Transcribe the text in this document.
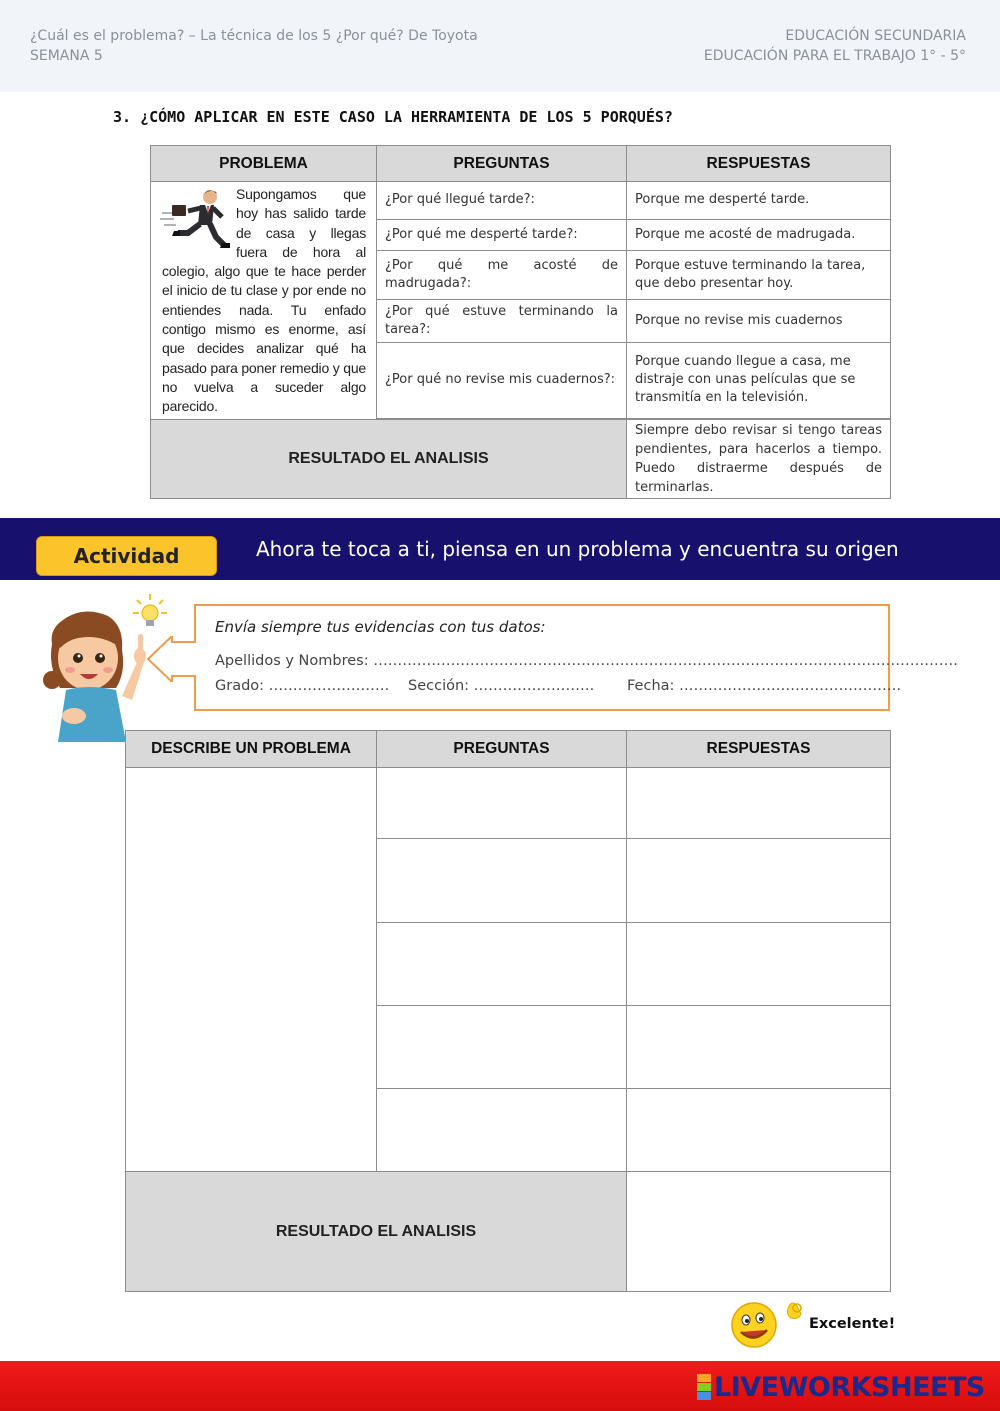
¿Cuál es el problema? – La técnica de los 5 ¿Por qué? De Toyota
SEMANA 5
EDUCACIÓN SECUNDARIA
EDUCACIÓN PARA EL TRABAJO 1° - 5°
3. ¿CÓMO APLICAR EN ESTE CASO LA HERRAMIENTA DE LOS 5 PORQUÉS?
PROBLEMA	PREGUNTAS	RESPUESTAS

Supongamos que hoy has salido tarde de casa y llegas fuera de hora al colegio, algo que te hace perder el inicio de tu clase y por ende no entiendes nada. Tu enfado contigo mismo es enorme, así que decides analizar qué ha pasado para poner remedio y que no vuelva a suceder algo parecido.	¿Por qué llegué tarde?:	Porque me desperté tarde.
	¿Por qué me desperté tarde?:	Porque me acosté de madrugada.
	¿Por qué me acosté de madrugada?:	Porque estuve terminando la tarea, que debo presentar hoy.
	¿Por qué estuve terminando la tarea?:	Porque no revise mis cuadernos
	¿Por qué no revise mis cuadernos?:	Porque cuando llegue a casa, me distraje con unas películas que se transmitía en la televisión.

RESULTADO EL ANALISIS		Siempre debo revisar si tengo tareas pendientes, para hacerlos a tiempo. Puedo distraerme después de terminarlas.
Actividad	Ahora te toca a ti, piensa en un problema y encuentra su origen
Envía siempre tus evidencias con tus datos:
Apellidos y Nombres: ………………………………………………………………………………………………………….
Grado: ……………………. Sección: ……………………. Fecha: ……………………………………….
DESCRIBE UN PROBLEMA	PREGUNTAS	RESPUESTAS

RESULTADO EL ANALISIS		
Excelente!
LIVEWORKSHEETS
